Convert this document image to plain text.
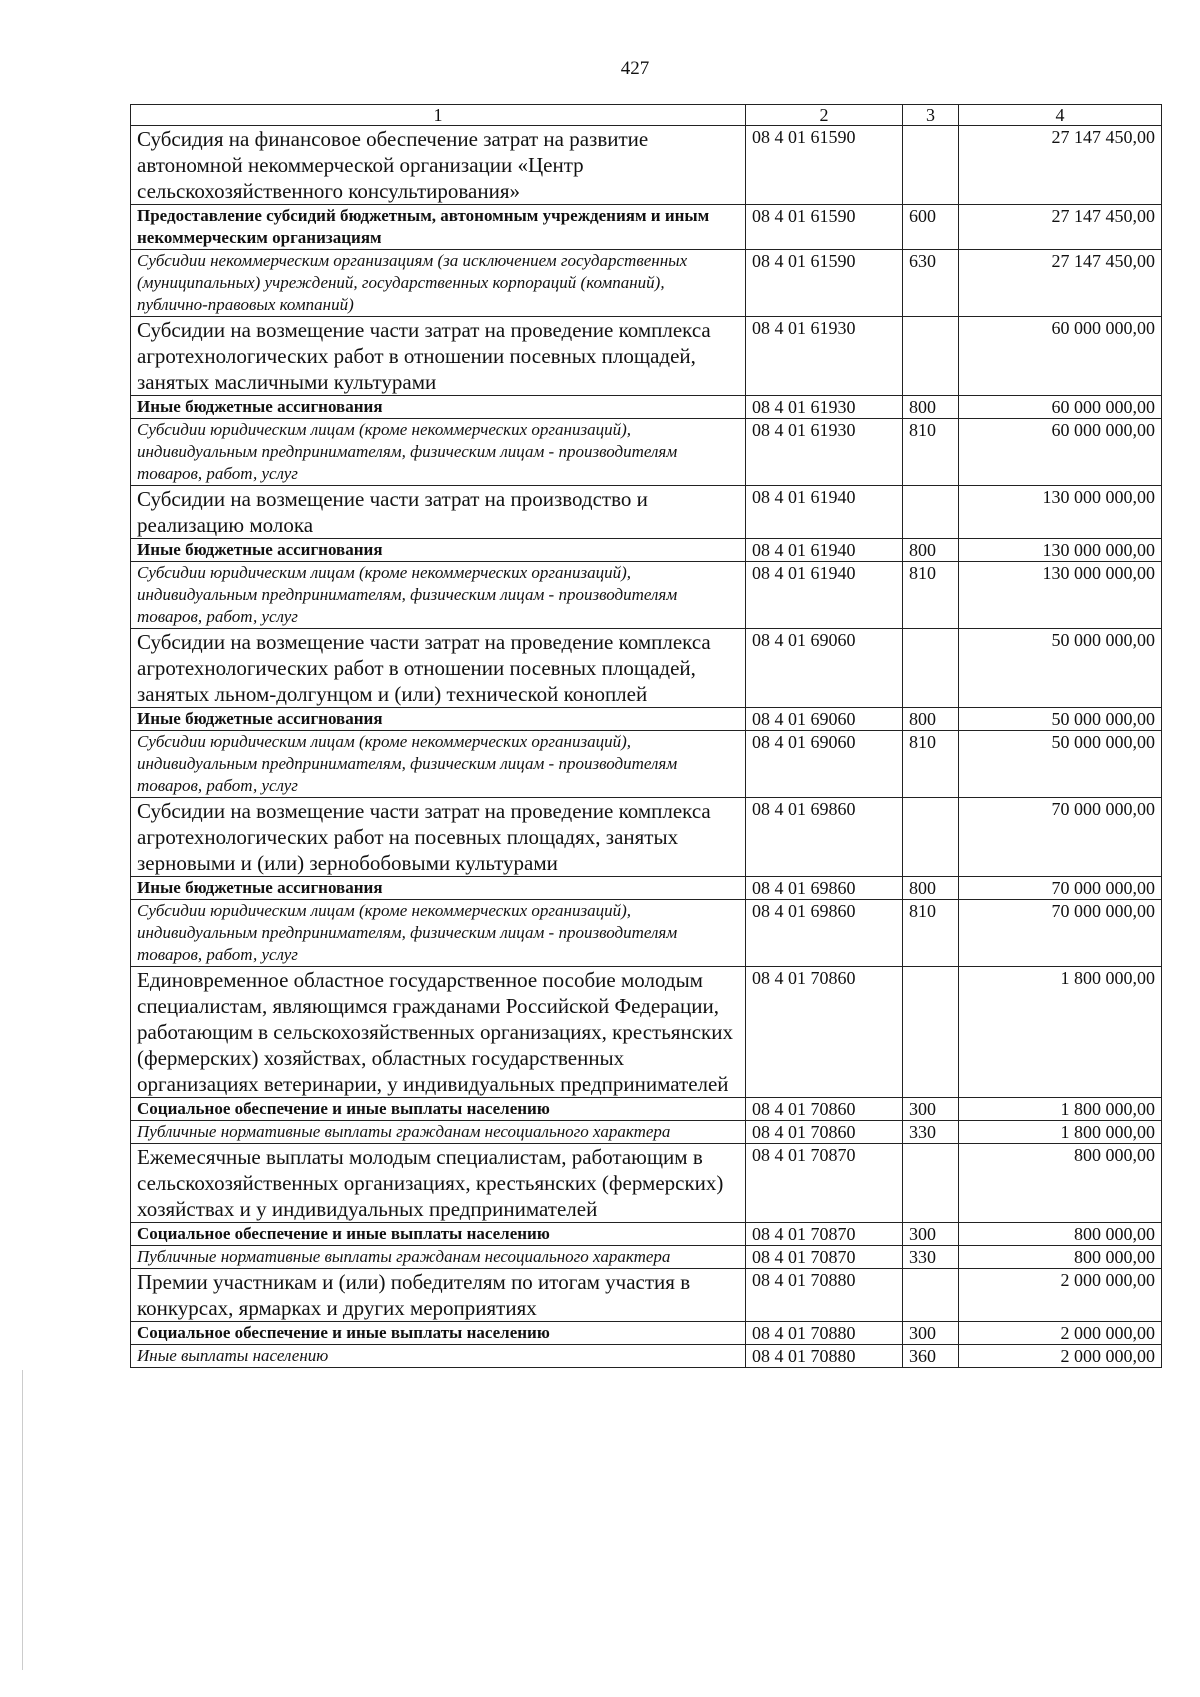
427
1	2	3	4
Субсидия на финансовое обеспечение затрат на развитие автономной некоммерческой организации «Центр сельскохозяйственного консультирования»	08 4 01 61590		27 147 450,00
Предоставление субсидий бюджетным, автономным учреждениям и иным некоммерческим организациям	08 4 01 61590	600	27 147 450,00
Субсидии некоммерческим организациям (за исключением государственных (муниципальных) учреждений, государственных корпораций (компаний), публично-правовых компаний)	08 4 01 61590	630	27 147 450,00
Субсидии на возмещение части затрат на проведение комплекса агротехнологических работ в отношении посевных площадей, занятых масличными культурами	08 4 01 61930		60 000 000,00
Иные бюджетные ассигнования	08 4 01 61930	800	60 000 000,00
Субсидии юридическим лицам (кроме некоммерческих организаций), индивидуальным предпринимателям, физическим лицам - производителям товаров, работ, услуг	08 4 01 61930	810	60 000 000,00
Субсидии на возмещение части затрат на производство и реализацию молока	08 4 01 61940		130 000 000,00
Иные бюджетные ассигнования	08 4 01 61940	800	130 000 000,00
Субсидии юридическим лицам (кроме некоммерческих организаций), индивидуальным предпринимателям, физическим лицам - производителям товаров, работ, услуг	08 4 01 61940	810	130 000 000,00
Субсидии на возмещение части затрат на проведение комплекса агротехнологических работ в отношении посевных площадей, занятых льном-долгунцом и (или) технической коноплей	08 4 01 69060		50 000 000,00
Иные бюджетные ассигнования	08 4 01 69060	800	50 000 000,00
Субсидии юридическим лицам (кроме некоммерческих организаций), индивидуальным предпринимателям, физическим лицам - производителям товаров, работ, услуг	08 4 01 69060	810	50 000 000,00
Субсидии на возмещение части затрат на проведение комплекса агротехнологических работ на посевных площадях, занятых зерновыми и (или) зернобобовыми культурами	08 4 01 69860		70 000 000,00
Иные бюджетные ассигнования	08 4 01 69860	800	70 000 000,00
Субсидии юридическим лицам (кроме некоммерческих организаций), индивидуальным предпринимателям, физическим лицам - производителям товаров, работ, услуг	08 4 01 69860	810	70 000 000,00
Единовременное областное государственное пособие молодым специалистам, являющимся гражданами Российской Федерации, работающим в сельскохозяйственных организациях, крестьянских (фермерских) хозяйствах, областных государственных организациях ветеринарии, у индивидуальных предпринимателей	08 4 01 70860		1 800 000,00
Социальное обеспечение и иные выплаты населению	08 4 01 70860	300	1 800 000,00
Публичные нормативные выплаты гражданам несоциального характера	08 4 01 70860	330	1 800 000,00
Ежемесячные выплаты молодым специалистам, работающим в сельскохозяйственных организациях, крестьянских (фермерских) хозяйствах и у индивидуальных предпринимателей	08 4 01 70870		800 000,00
Социальное обеспечение и иные выплаты населению	08 4 01 70870	300	800 000,00
Публичные нормативные выплаты гражданам несоциального характера	08 4 01 70870	330	800 000,00
Премии участникам и (или) победителям по итогам участия в конкурсах, ярмарках и других мероприятиях	08 4 01 70880		2 000 000,00
Социальное обеспечение и иные выплаты населению	08 4 01 70880	300	2 000 000,00
Иные выплаты населению	08 4 01 70880	360	2 000 000,00
